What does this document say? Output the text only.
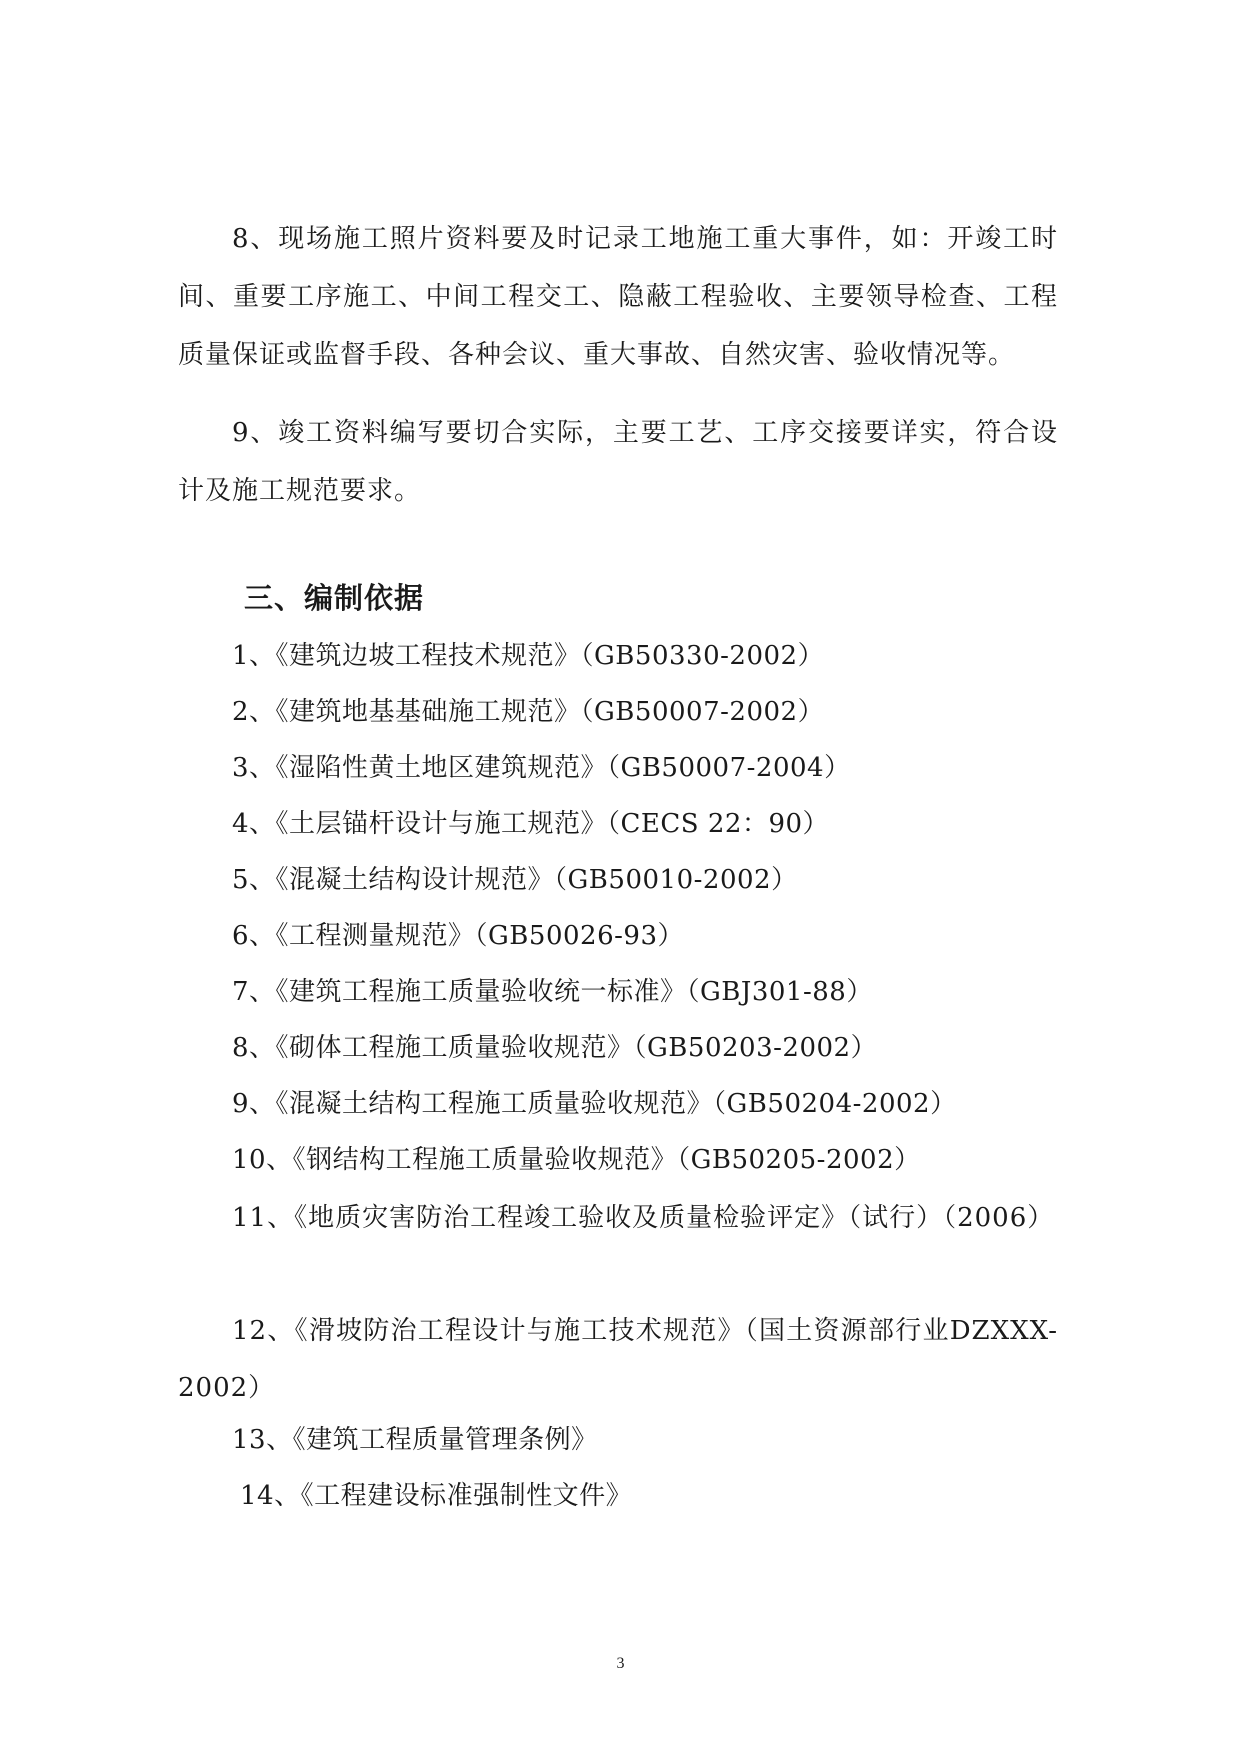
8、现场施工照片资料要及时记录工地施工重大事件，如：开竣工时间、重要工序施工、中间工程交工、隐蔽工程验收、主要领导检查、工程质量保证或监督手段、各种会议、重大事故、自然灾害、验收情况等。

9、竣工资料编写要切合实际，主要工艺、工序交接要详实，符合设计及施工规范要求。

三、编制依据

1、《建筑边坡工程技术规范》（GB50330-2002）

2、《建筑地基基础施工规范》（GB50007-2002）

3、《湿陷性黄土地区建筑规范》（GB50007-2004）

4、《土层锚杆设计与施工规范》（CECS 22：90）

5、《混凝土结构设计规范》（GB50010-2002）

6、《工程测量规范》（GB50026-93）

7、《建筑工程施工质量验收统一标准》（GBJ301-88）

8、《砌体工程施工质量验收规范》（GB50203-2002）

9、《混凝土结构工程施工质量验收规范》（GB50204-2002）

10、《钢结构工程施工质量验收规范》（GB50205-2002）

11、《地质灾害防治工程竣工验收及质量检验评定》（试行）（2006）

12、《滑坡防治工程设计与施工技术规范》（国土资源部行业DZXXX-2002）

13、《建筑工程质量管理条例》

14、《工程建设标准强制性文件》

3
